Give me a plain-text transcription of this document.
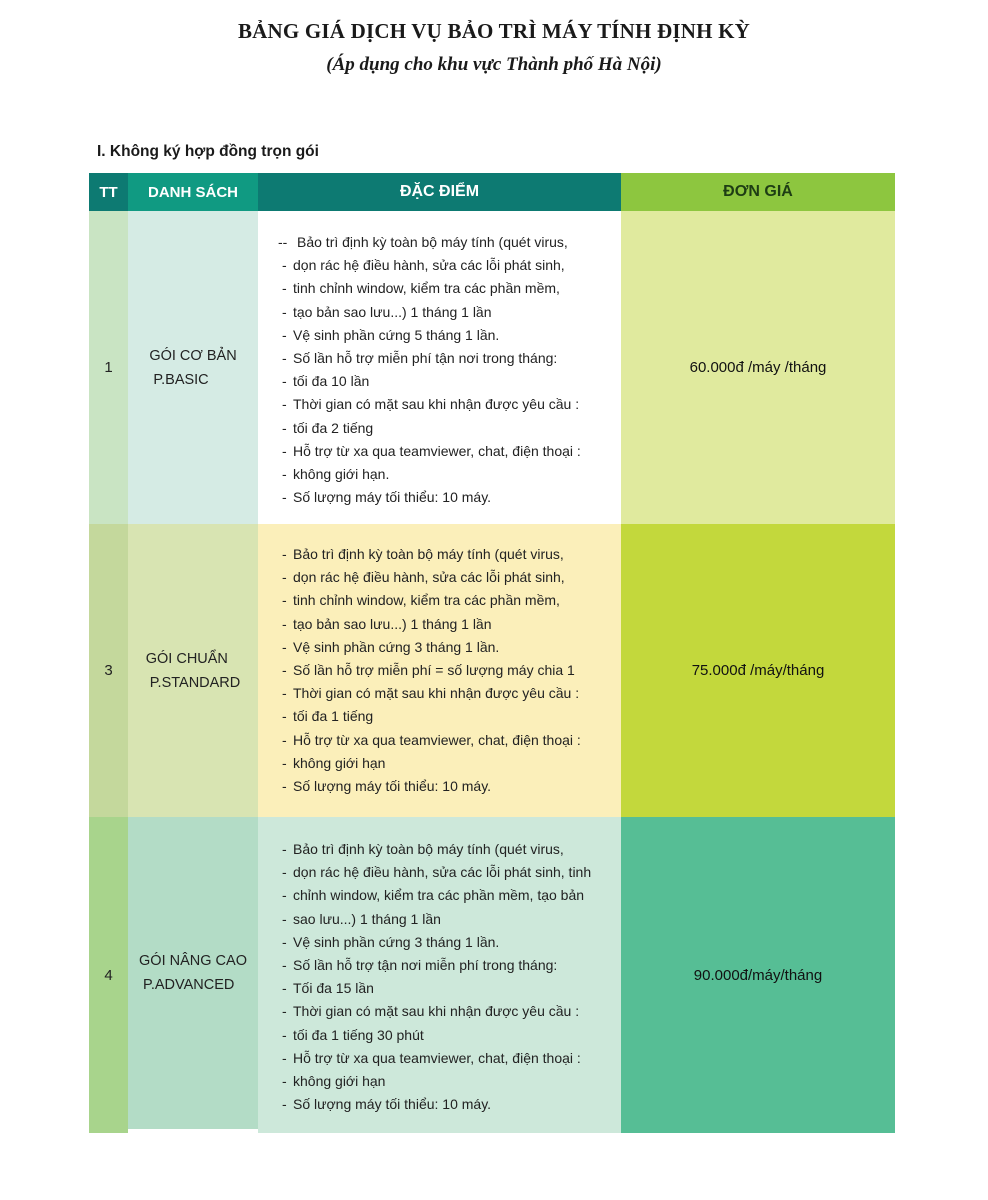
BẢNG GIÁ DỊCH VỤ BẢO TRÌ MÁY TÍNH ĐỊNH KỲ
(Áp dụng cho khu vực Thành phố Hà Nội)
I. Không ký hợp đồng trọn gói
TT DANH SÁCH	ĐẶC ĐIỂM	ĐƠN GIÁ
1
GÓI CƠ BẢN
P.BASIC
-- Bảo trì định kỳ toàn bộ máy tính (quét virus,
- dọn rác hệ điều hành, sửa các lỗi phát sinh,
- tinh chỉnh window, kiểm tra các phần mềm,
- tạo bản sao lưu...) 1 tháng 1 lần
- Vệ sinh phần cứng 5 tháng 1 lần.
- Số lần hỗ trợ miễn phí tận nơi trong tháng:
- tối đa 10 lần
- Thời gian có mặt sau khi nhận được yêu cầu :
- tối đa 2 tiếng
- Hỗ trợ từ xa qua teamviewer, chat, điện thoại :
- không giới hạn.
- Số lượng máy tối thiểu: 10 máy.
60.000đ /máy /tháng
3
GÓI CHUẨN
P.STANDARD
- Bảo trì định kỳ toàn bộ máy tính (quét virus,
- dọn rác hệ điều hành, sửa các lỗi phát sinh,
- tinh chỉnh window, kiểm tra các phần mềm,
- tạo bản sao lưu...) 1 tháng 1 lần
- Vệ sinh phần cứng 3 tháng 1 lần.
- Số lần hỗ trợ miễn phí = số lượng máy chia 1
- Thời gian có mặt sau khi nhận được yêu cầu :
- tối đa 1 tiếng
- Hỗ trợ từ xa qua teamviewer, chat, điện thoại :
- không giới hạn
- Số lượng máy tối thiểu: 10 máy.
75.000đ /máy/tháng
4
GÓI NÂNG CAO
P.ADVANCED
- Bảo trì định kỳ toàn bộ máy tính (quét virus,
- dọn rác hệ điều hành, sửa các lỗi phát sinh, tinh
- chỉnh window, kiểm tra các phần mềm, tạo bản
- sao lưu...) 1 tháng 1 lần
- Vệ sinh phần cứng 3 tháng 1 lần.
- Số lần hỗ trợ tận nơi miễn phí trong tháng:
- Tối đa 15 lần
- Thời gian có mặt sau khi nhận được yêu cầu :
- tối đa 1 tiếng 30 phút
- Hỗ trợ từ xa qua teamviewer, chat, điện thoại :
- không giới hạn
- Số lượng máy tối thiểu: 10 máy.
90.000đ/máy/tháng
